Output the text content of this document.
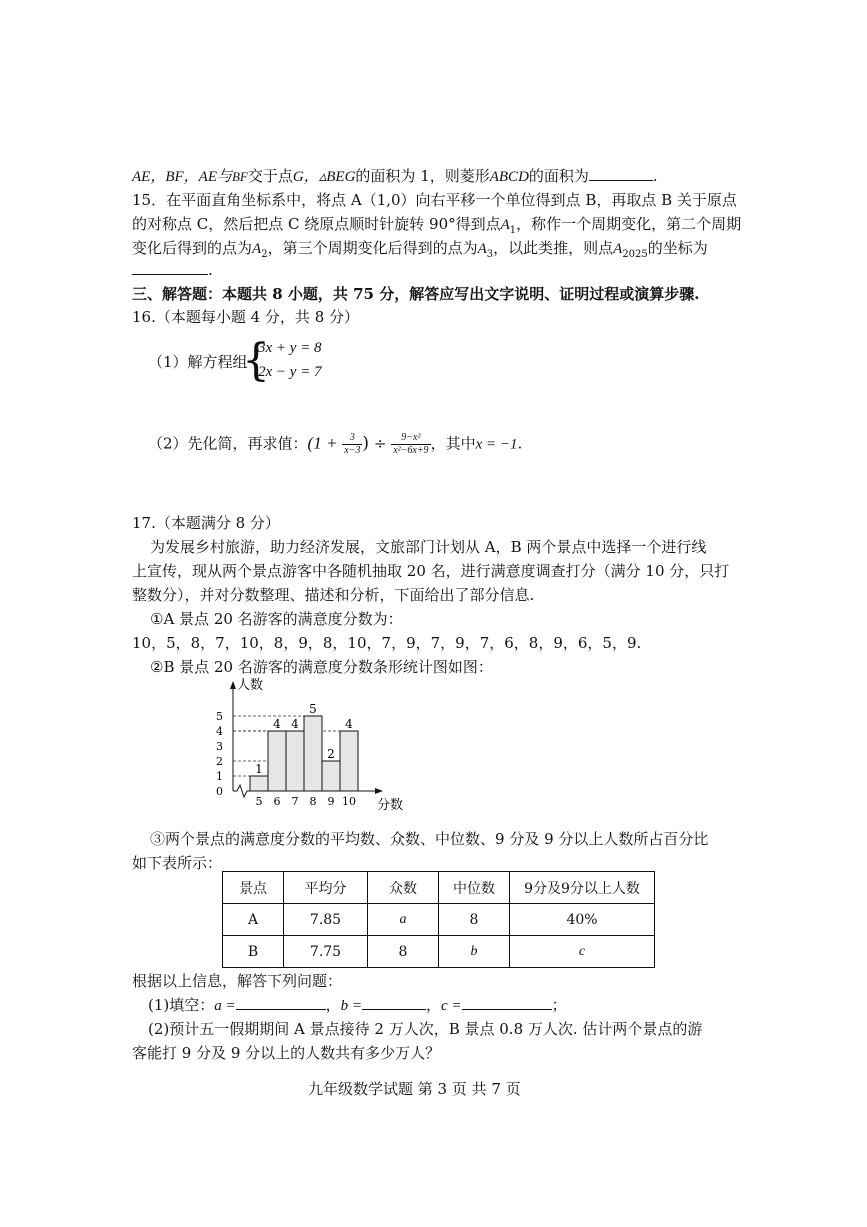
AE，BF，AE与BF交于点G，▵BEG的面积为 1，则菱形ABCD的面积为	.
15．在平面直角坐标系中，将点 A（1,0）向右平移一个单位得到点 B，再取点 B 关于原点
的对称点 C，然后把点 C 绕原点顺时针旋转 90°得到点$A_1$，称作一个周期变化，第二个周期
变化后得到的点为$A_2$，第三个周期变化后得到的点为$A_3$，以此类推，则点$A_{2025}$的坐标为
.
三、解答题：本题共 8 小题，共 75 分，解答应写出文字说明、证明过程或演算步骤.
16.（本题每小题 4 分，共 8 分）
（1）解方程组
{
3x + y = 8
2x − y = 7
（2）先化简，再求值：($1 + \frac{3}{x-3}$ ) ÷ $\frac{\text{9−x²}}{\text{x²−6x+9}}$ ，其中x = −1.
17.（本题满分 8 分）
为发展乡村旅游，助力经济发展，文旅部门计划从 A，B 两个景点中选择一个进行线
上宣传，现从两个景点游客中各随机抽取 20 名，进行满意度调查打分（满分 10 分，只打
整数分），并对分数整理、描述和分析，下面给出了部分信息.
①A 景点 20 名游客的满意度分数为：
10，5，8，7，10，8，9，8，10，7，9，7，9，7，6，8，9，6，5，9.
②B 景点 20 名游客的满意度分数条形统计图如图：
人数
分数
0
1
2
3
4
5
1
5
4
6
4
7
5
8
2
9
4
10
③两个景点的满意度分数的平均数、众数、中位数、9 分及 9 分以上人数所占百分比
如下表所示：
景点	平均分	众数	中位数	9分及9分以上人数
A	7.85	a	8	40%
B	7.75	8	b	c
根据以上信息，解答下列问题：
(1)填空：a =	，b =	，c =	；
(2)预计五一假期期间 A 景点接待 2 万人次，B 景点 0.8 万人次. 估计两个景点的游
客能打 9 分及 9 分以上的人数共有多少万人？
九年级数学试题 第 3 页 共 7 页
